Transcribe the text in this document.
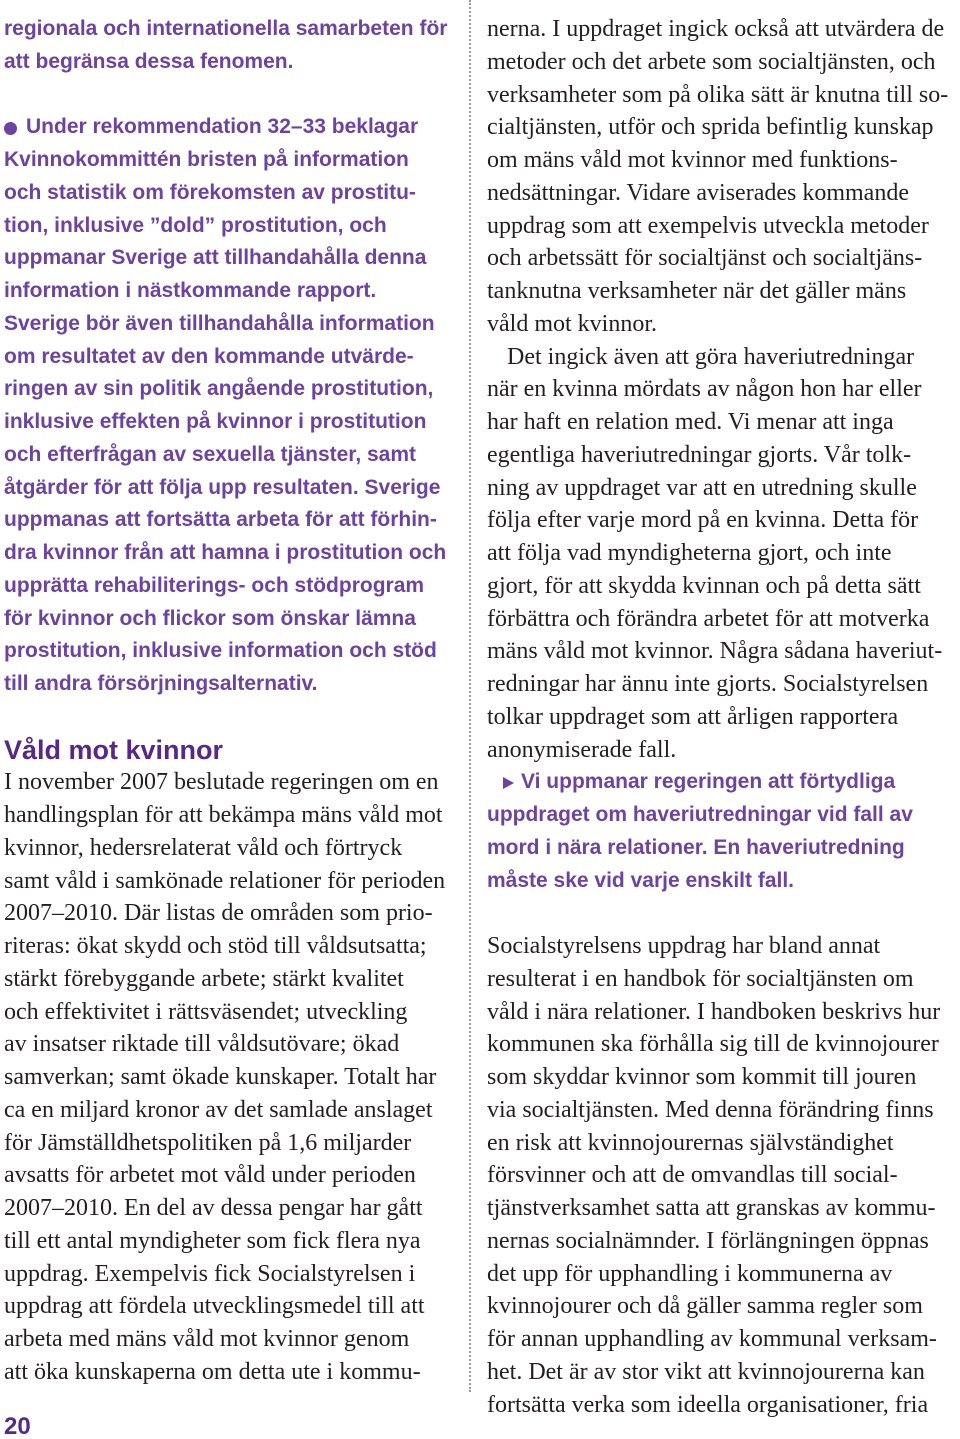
regionala och internationella samarbeten för
att begränsa dessa fenomen.
Under rekommendation 32–33 beklagar
Kvinnokommittén bristen på information
och statistik om förekomsten av prostitu-
tion, inklusive ”dold” prostitution, och
uppmanar Sverige att tillhandahålla denna
information i nästkommande rapport.
Sverige bör även tillhandahålla information
om resultatet av den kommande utvärde-
ringen av sin politik angående prostitution,
inklusive effekten på kvinnor i prostitution
och efterfrågan av sexuella tjänster, samt
åtgärder för att följa upp resultaten. Sverige
uppmanas att fortsätta arbeta för att förhin-
dra kvinnor från att hamna i prostitution och
upprätta rehabiliterings- och stödprogram
för kvinnor och flickor som önskar lämna
prostitution, inklusive information och stöd
till andra försörjningsalternativ.
Våld mot kvinnor
I november 2007 beslutade regeringen om en
handlingsplan för att bekämpa mäns våld mot
kvinnor, hedersrelaterat våld och förtryck
samt våld i samkönade relationer för perioden
2007–2010. Där listas de områden som prio-
riteras: ökat skydd och stöd till våldsutsatta;
stärkt förebyggande arbete; stärkt kvalitet
och effektivitet i rättsväsendet; utveckling
av insatser riktade till våldsutövare; ökad
samverkan; samt ökade kunskaper. Totalt har
ca en miljard kronor av det samlade anslaget
för Jämställdhetspolitiken på 1,6 miljarder
avsatts för arbetet mot våld under perioden
2007–2010. En del av dessa pengar har gått
till ett antal myndigheter som fick flera nya
uppdrag. Exempelvis fick Socialstyrelsen i
uppdrag att fördela utvecklingsmedel till att
arbeta med mäns våld mot kvinnor genom
att öka kunskaperna om detta ute i kommu-
nerna. I uppdraget ingick också att utvärdera de
metoder och det arbete som socialtjänsten, och
verksamheter som på olika sätt är knutna till so-
cialtjänsten, utför och sprida befintlig kunskap
om mäns våld mot kvinnor med funktions-
nedsättningar. Vidare aviserades kommande
uppdrag som att exempelvis utveckla metoder
och arbetssätt för socialtjänst och socialtjäns-
tanknutna verksamheter när det gäller mäns
våld mot kvinnor.
Det ingick även att göra haveriutredningar
när en kvinna mördats av någon hon har eller
har haft en relation med. Vi menar att inga
egentliga haveriutredningar gjorts. Vår tolk-
ning av uppdraget var att en utredning skulle
följa efter varje mord på en kvinna. Detta för
att följa vad myndigheterna gjort, och inte
gjort, för att skydda kvinnan och på detta sätt
förbättra och förändra arbetet för att motverka
mäns våld mot kvinnor. Några sådana haveriut-
redningar har ännu inte gjorts. Socialstyrelsen
tolkar uppdraget som att årligen rapportera
anonymiserade fall.
Vi uppmanar regeringen att förtydliga
uppdraget om haveriutredningar vid fall av
mord i nära relationer. En haveriutredning
måste ske vid varje enskilt fall.
Socialstyrelsens uppdrag har bland annat
resulterat i en handbok för socialtjänsten om
våld i nära relationer. I handboken beskrivs hur
kommunen ska förhålla sig till de kvinnojourer
som skyddar kvinnor som kommit till jouren
via socialtjänsten. Med denna förändring finns
en risk att kvinnojourernas självständighet
försvinner och att de omvandlas till social-
tjänstverksamhet satta att granskas av kommu-
nernas socialnämnder. I förlängningen öppnas
det upp för upphandling i kommunerna av
kvinnojourer och då gäller samma regler som
för annan upphandling av kommunal verksam-
het. Det är av stor vikt att kvinnojourerna kan
fortsätta verka som ideella organisationer, fria
20
